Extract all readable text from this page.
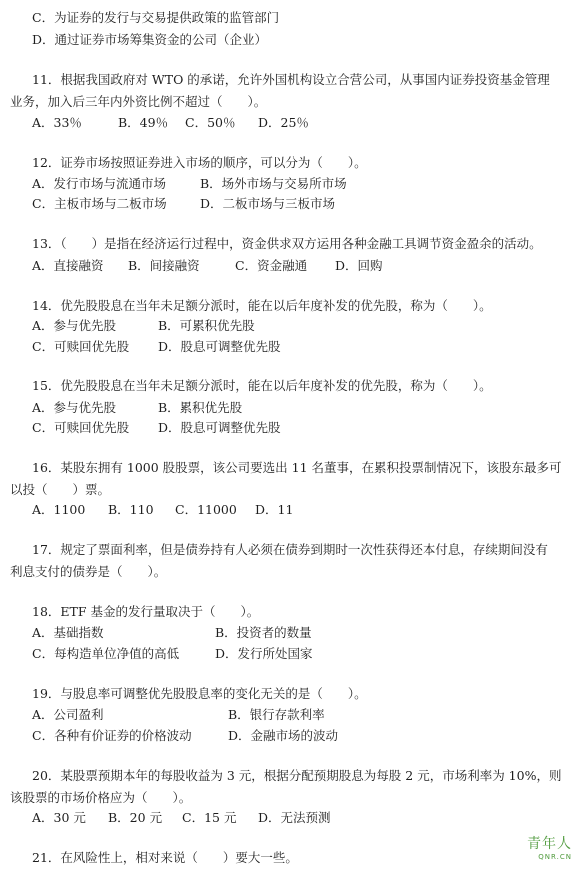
C．为证券的发行与交易提供政策的监管部门
D．通过证券市场筹集资金的公司（企业）
11．根据我国政府对 WTO 的承诺，允许外国机构设立合营公司，从事国内证券投资基金管理
业务，加入后三年内外资比例不超过（　　）。
A．33％	B．49％ C．50％ D．25％
12．证券市场按照证券进入市场的顺序，可以分为（　　）。
A．发行市场与流通市场	B．场外市场与交易所市场
C．主板市场与二板市场	D．二板市场与三板市场
13．（　　）是指在经济运行过程中，资金供求双方运用各种金融工具调节资金盈余的活动。
A．直接融资 B．间接融资	C．资金融通 D．回购
14．优先股股息在当年未足额分派时，能在以后年度补发的优先股，称为（　　）。
A．参与优先股	B．可累积优先股
C．可赎回优先股 D．股息可调整优先股
15．优先股股息在当年未足额分派时，能在以后年度补发的优先股，称为（　　）。
A．参与优先股	B．累积优先股
C．可赎回优先股 D．股息可调整优先股
16．某股东拥有 1000 股股票，该公司要选出 11 名董事，在累积投票制情况下，该股东最多可
以投（　　）票。
A．1100 B．110 C．11000 D．11
17．规定了票面利率，但是债券持有人必须在债券到期时一次性获得还本付息，存续期间没有
利息支付的债券是（　　）。
18．ETF 基金的发行量取决于（　　）。
A．基础指数	B．投资者的数量
C．每构造单位净值的高低	D．发行所处国家
19．与股息率可调整优先股股息率的变化无关的是（　　）。
A．公司盈利	B．银行存款利率
C．各种有价证券的价格波动	D．金融市场的波动
20．某股票预期本年的每股收益为 3 元，根据分配预期股息为每股 2 元，市场利率为 10%，则
该股票的市场价格应为（　　）。
A．30 元 B．20 元 C．15 元 D．无法预测
21．在风险性上，相对来说（　　）要大一些。
青年人
QNR.CN
